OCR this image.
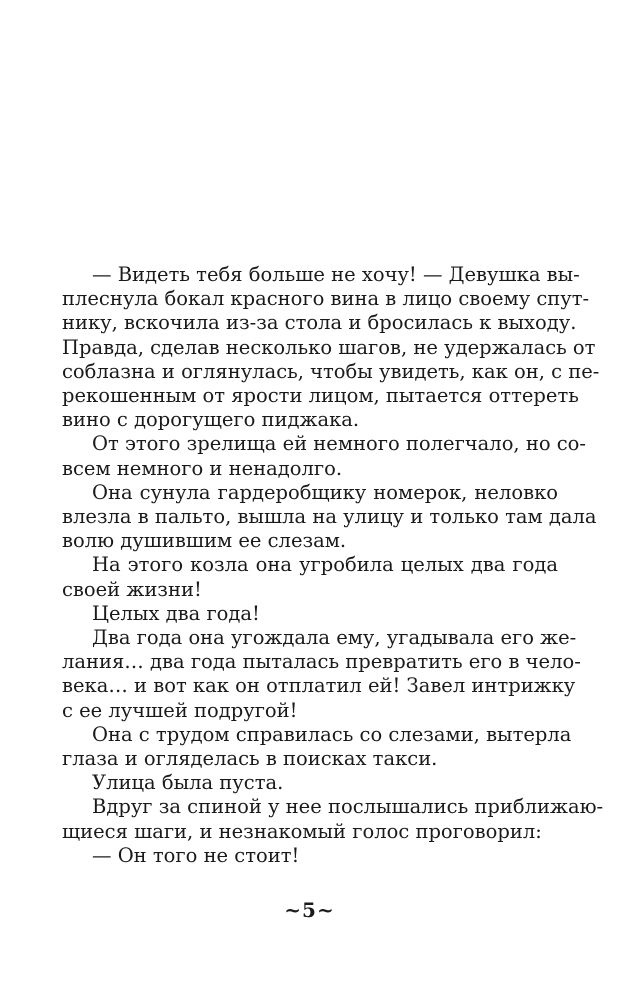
— Видеть тебя больше не хочу! — Девушка вы-
плеснула бокал красного вина в лицо своему спут-
нику, вскочила из-за стола и бросилась к выходу.
Правда, сделав несколько шагов, не удержалась от
соблазна и оглянулась, чтобы увидеть, как он, с пе-
рекошенным от ярости лицом, пытается оттереть
вино с дорогущего пиджака.

От этого зрелища ей немного полегчало, но со-
всем немного и ненадолго.

Она сунула гардеробщику номерок, неловко
влезла в пальто, вышла на улицу и только там дала
волю душившим ее слезам.

На этого козла она угробила целых два года
своей жизни!

Целых два года!

Два года она угождала ему, угадывала его же-
лания… два года пыталась превратить его в чело-
века… и вот как он отплатил ей! Завел интрижку
с ее лучшей подругой!

Она с трудом справилась со слезами, вытерла
глаза и огляделась в поисках такси.

Улица была пуста.

Вдруг за спиной у нее послышались приближаю-
щиеся шаги, и незнакомый голос проговорил:

— Он того не стоит!

~5~
